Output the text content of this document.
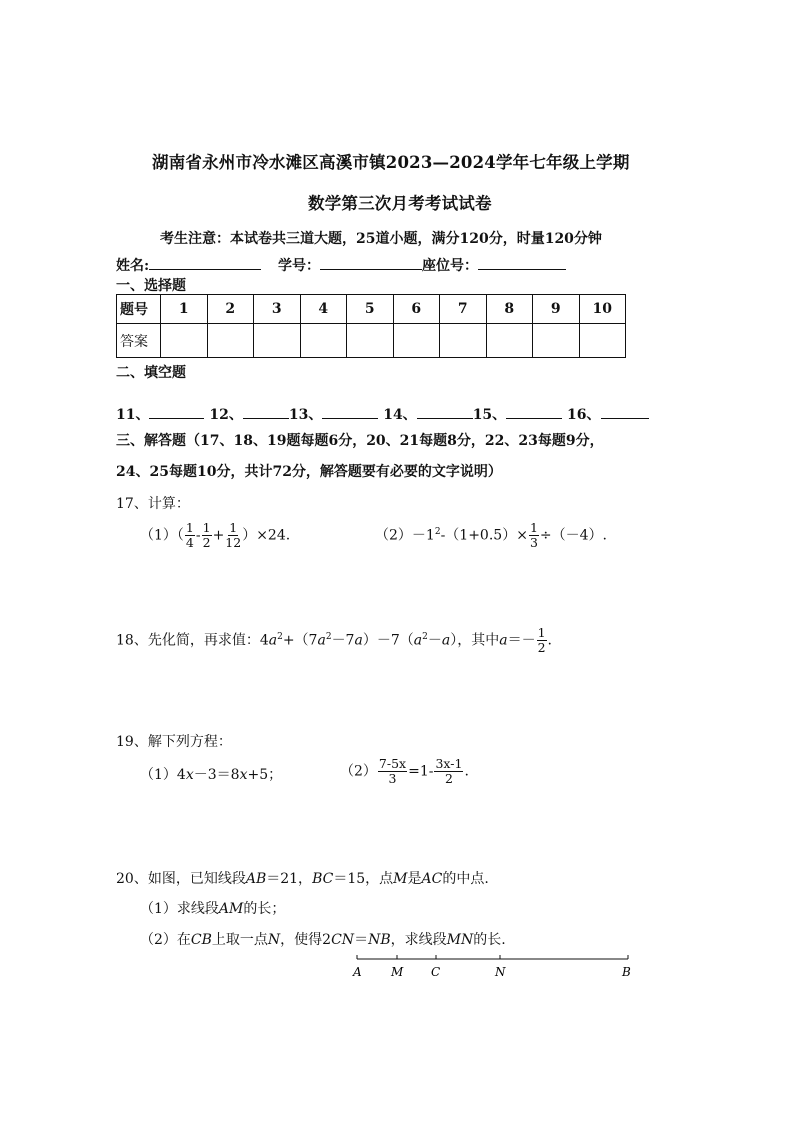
湖南省永州市冷水滩区高溪市镇2023—2024学年七年级上学期
数学第三次月考考试试卷
考生注意：本试卷共三道大题，25道小题，满分120分，时量120分钟
姓名:	学号：	座位号：
一、选择题
题号	1	2	3	4	5	6	7	8	9	10
答案										
二、填空题
11、	12、	13、	14、	15、	16、
三、解答题（17、18、19题每题6分，20、21每题8分，22、23每题9分，
24、25每题10分，共计72分，解答题要有必要的文字说明）
17、计算：
$(1)( \frac{1}{4} - \frac{1}{2} + \frac{1}{12} )\times 24$.	$(2)-1^2-(1+0.5)\times \frac{1}{3} \div(-4)$.
18、先化简，再求值：$4a^2+(7a^2-7a)-7(a^2-a)$，其中$a=- \frac{1}{2}$ .
19、解下列方程：
（1）4x－3＝8x+5；	$(2) \frac{7-5x}{3} =1- \frac{3x-1}{2}$ .
20、如图，已知线段AB＝21，BC＝15，点M是AC的中点.
（1）求线段AM的长；
（2）在CB上取一点N，使得2CN＝NB，求线段MN的长.
A M C	N	B
